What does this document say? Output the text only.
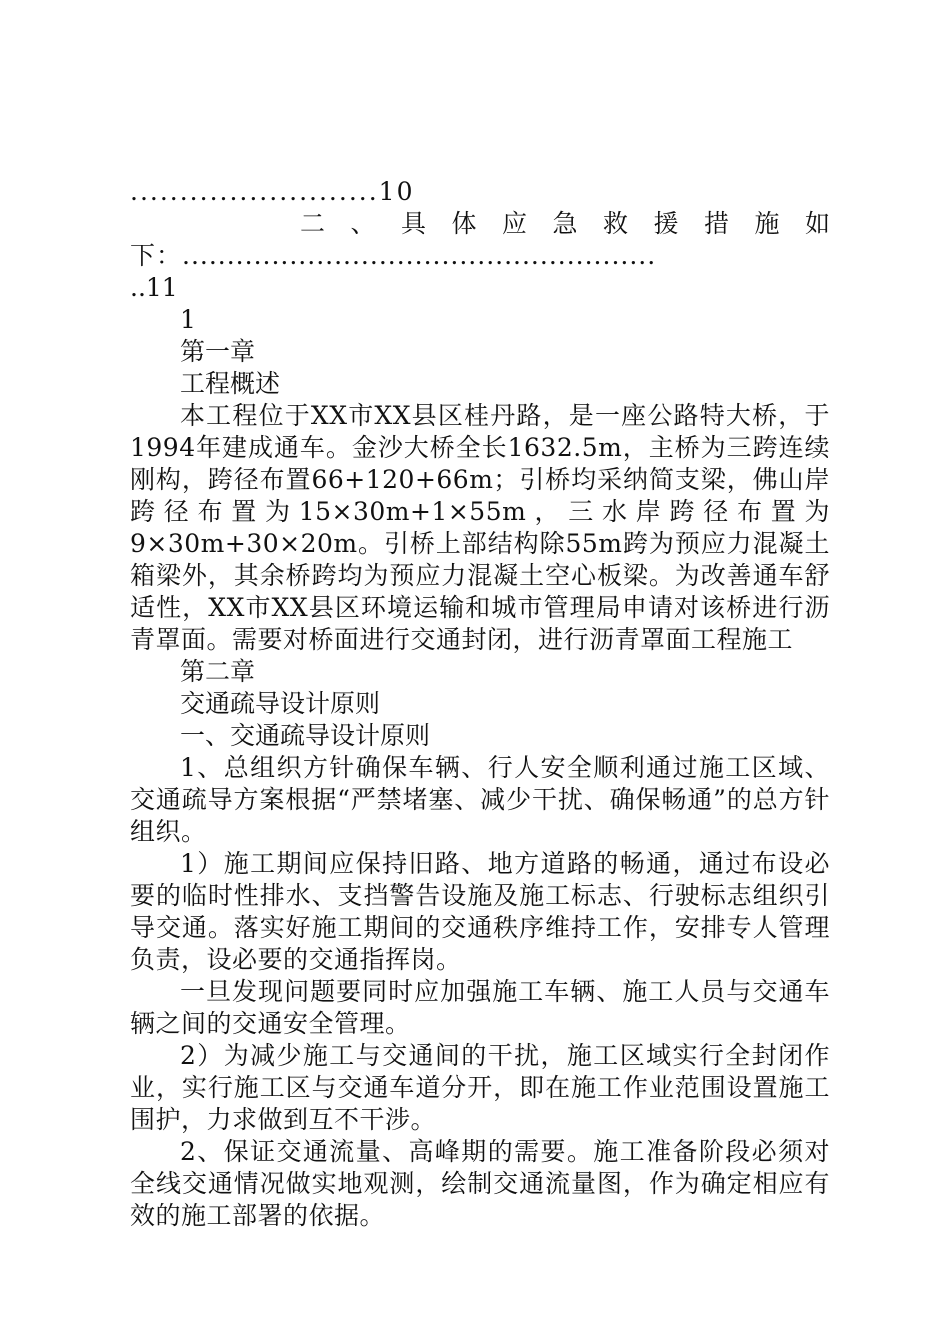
.........................10
二 、 具 体 应 急 救 援 措 施 如
下：.....................................................
..11
1
第一章
工程概述
本工程位于XX市XX县区桂丹路，是一座公路特大桥，于1994年建成通车。金沙大桥全长1632.5m，主桥为三跨连续刚构，跨径布置66+120+66m；引桥均采纳简支梁，佛山岸跨径布置为15×30m+1×55m，三水岸跨径布置为9×30m+30×20m。引桥上部结构除55m跨为预应力混凝土箱梁外，其余桥跨均为预应力混凝土空心板梁。为改善通车舒适性，XX市XX县区环境运输和城市管理局申请对该桥进行沥青罩面。需要对桥面进行交通封闭，进行沥青罩面工程施工
第二章
交通疏导设计原则
一、交通疏导设计原则
1、总组织方针确保车辆、行人安全顺利通过施工区域、交通疏导方案根据“严禁堵塞、减少干扰、确保畅通”的总方针组织。
1）施工期间应保持旧路、地方道路的畅通，通过布设必要的临时性排水、支挡警告设施及施工标志、行驶标志组织引导交通。落实好施工期间的交通秩序维持工作，安排专人管理负责，设必要的交通指挥岗。
一旦发现问题要同时应加强施工车辆、施工人员与交通车辆之间的交通安全管理。
2）为减少施工与交通间的干扰，施工区域实行全封闭作业，实行施工区与交通车道分开，即在施工作业范围设置施工围护，力求做到互不干涉。
2、保证交通流量、高峰期的需要。施工准备阶段必须对全线交通情况做实地观测，绘制交通流量图，作为确定相应有效的施工部署的依据。
